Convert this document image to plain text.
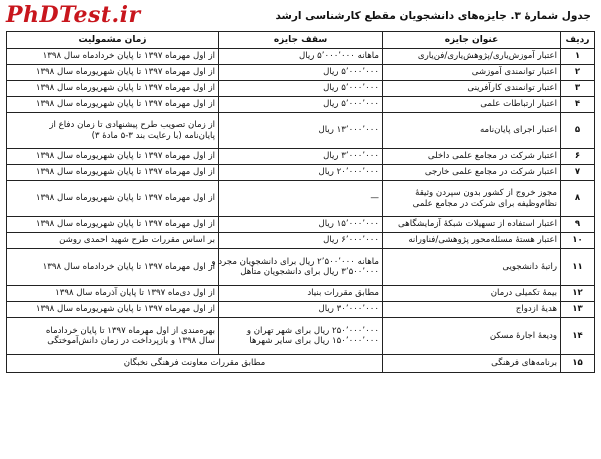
PhDTest.ir	جدول شمارهٔ ۳. جایزه‌های دانشجویان مقطع کارشناسی ارشد
ردیف	عنوان جایزه	سقف جایزه	زمان مشمولیت
۱	اعتبار آموزش‌یاری/پژوهش‌یاری/فن‌یاری	ماهانه ۵٬۰۰۰٬۰۰۰ ریال	از اول مهرماه ۱۳۹۷ تا پایان خردادماه سال ۱۳۹۸

۲	اعتبار توانمندی آموزشی	۵٬۰۰۰٬۰۰۰ ریال	از اول مهرماه ۱۳۹۷ تا پایان شهریورماه سال ۱۳۹۸

۳	اعتبار توانمندی کارآفرینی	۵٬۰۰۰٬۰۰۰ ریال	از اول مهرماه ۱۳۹۷ تا پایان شهریورماه سال ۱۳۹۸

۴	اعتبار ارتباطات علمی	۵٬۰۰۰٬۰۰۰ ریال	از اول مهرماه ۱۳۹۷ تا پایان شهریورماه سال ۱۳۹۸

۵	اعتبار اجرای پایان‌نامه	۱۳٬۰۰۰٬۰۰۰ ریال	از زمان تصویب طرح پیشنهادی تا زمان دفاع از
پایان‌نامه (با رعایت بند ۳-۵ مادهٔ ۳)

۶	اعتبار شرکت در مجامع علمی داخلی	۳٬۰۰۰٬۰۰۰ ریال	از اول مهرماه ۱۳۹۷ تا پایان شهریورماه سال ۱۳۹۸

۷	اعتبار شرکت در مجامع علمی خارجی	۲۰٬۰۰۰٬۰۰۰ ریال	از اول مهرماه ۱۳۹۷ تا پایان شهریورماه سال ۱۳۹۸

۸	مجوز خروج از کشور بدون سپردن وثیقهٔ
نظام‌وظیفه برای شرکت در مجامع علمی	—	از اول مهرماه ۱۳۹۷ تا پایان شهریورماه سال ۱۳۹۸

۹	اعتبار استفاده از تسهیلات شبکهٔ آزمایشگاهی	۱۵٬۰۰۰٬۰۰۰ ریال	از اول مهرماه ۱۳۹۷ تا پایان شهریورماه سال ۱۳۹۸

۱۰	اعتبار هستهٔ مسئله‌محور پژوهشی/فناورانه	۶٬۰۰۰٬۰۰۰ ریال	بر اساس مقررات طرح شهید احمدی روشن

۱۱	راتبهٔ دانشجویی	ماهانه ۲٬۵۰۰٬۰۰۰ ریال برای دانشجویان مجرد و
۳٬۵۰۰٬۰۰۰ ریال برای دانشجویان متأهل	از اول مهرماه ۱۳۹۷ تا پایان خردادماه سال ۱۳۹۸

۱۲	بیمهٔ تکمیلی درمان	مطابق مقررات بنیاد	از اول دی‌ماه ۱۳۹۷ تا پایان آذرماه سال ۱۳۹۸

۱۳	هدیهٔ ازدواج	۳۰٬۰۰۰٬۰۰۰ ریال	از اول مهرماه ۱۳۹۷ تا پایان شهریورماه سال ۱۳۹۸

۱۴	ودیعهٔ اجارهٔ مسکن	۲۵۰٬۰۰۰٬۰۰۰ ریال برای شهر تهران و
۱۵۰٬۰۰۰٬۰۰۰ ریال برای سایر شهرها	بهره‌مندی از اول مهرماه ۱۳۹۷ تا پایان خردادماه
سال ۱۳۹۸ و بازپرداخت در زمان دانش‌آموختگی

۱۵	برنامه‌های فرهنگی	مطابق مقررات معاونت فرهنگی نخبگان	
